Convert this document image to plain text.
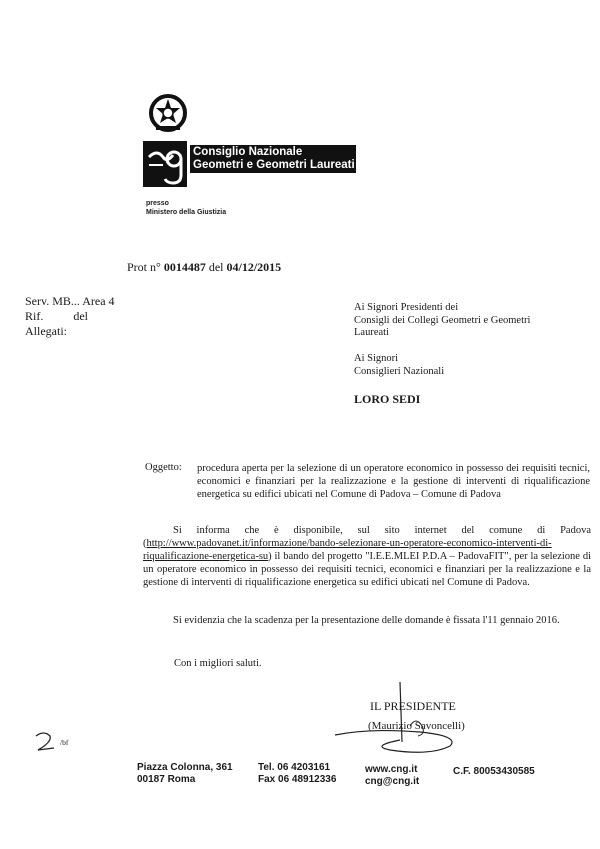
Consiglio Nazionale
Geometri e Geometri Laureati
presso
Ministero della Giustizia
Prot n° 0014487 del 04/12/2015
Serv. MB... Area 4
Rif.	del
Allegati:
Ai Signori Presidenti dei
Consigli dei Collegi Geometri e Geometri
Laureati
Ai Signori
Consiglieri Nazionali
LORO SEDI
Oggetto: procedura aperta per la selezione di un operatore economico in possesso dei requisiti tecnici, economici e finanziari per la realizzazione e la gestione di interventi di riqualificazione energetica su edifici ubicati nel Comune di Padova – Comune di Padova
Si informa che è disponibile, sul sito internet del comune di Padova (http://www.padovanet.it/informazione/bando-selezionare-un-operatore-economico-interventi-di-riqualificazione-energetica-su) il bando del progetto "I.E.E.MLEI P.D.A – PadovaFIT", per la selezione di un operatore economico in possesso dei requisiti tecnici, economici e finanziari per la realizzazione e la gestione di interventi di riqualificazione energetica su edifici ubicati nel Comune di Padova.
Si evidenzia che la scadenza per la presentazione delle domande è fissata l'11 gennaio 2016.
Con i migliori saluti.
IL PRESIDENTE
(Maurizio Savoncelli)
/bf
Piazza Colonna, 361
00187 Roma
Tel. 06 4203161
Fax 06 48912336
www.cng.it
cng@cng.it
C.F. 80053430585
